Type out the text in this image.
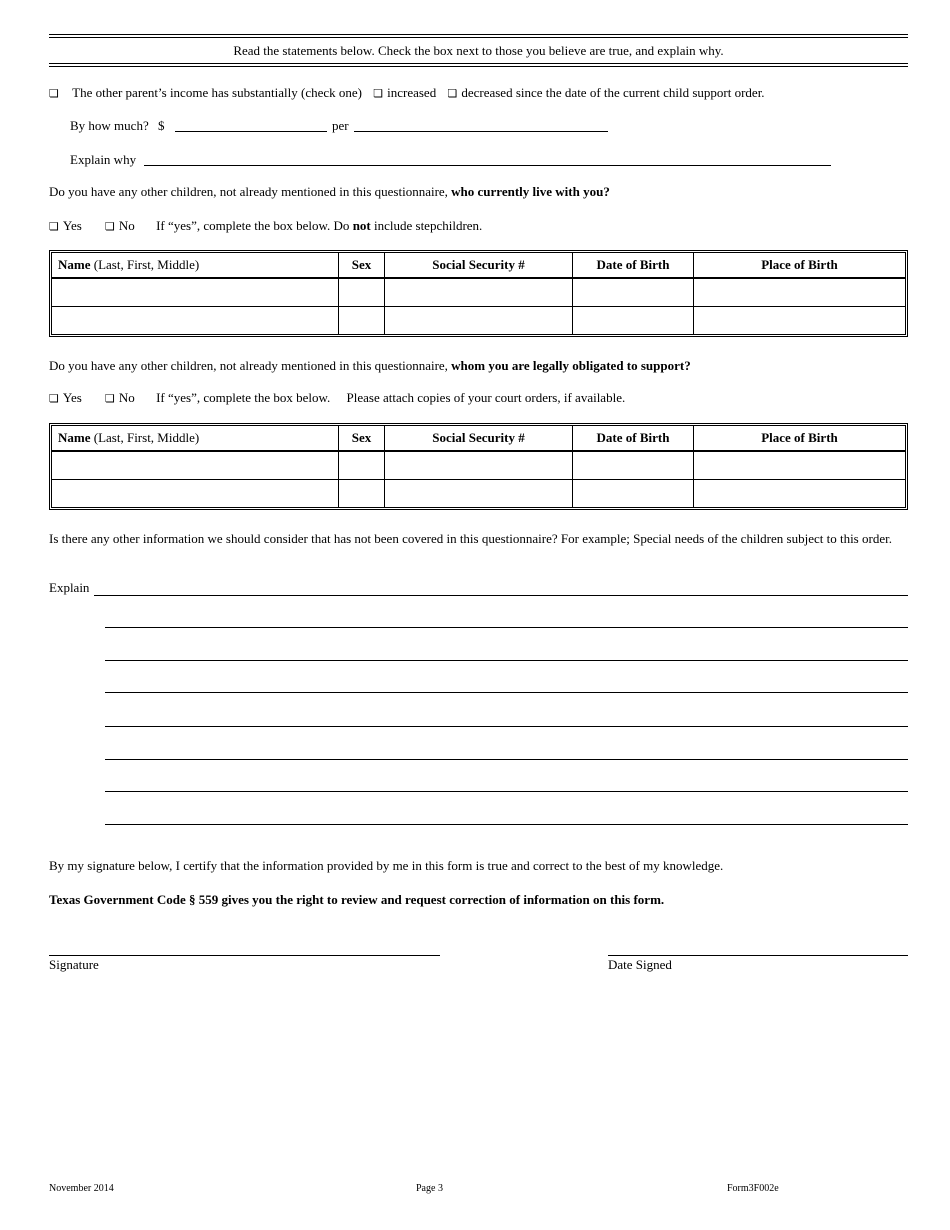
Read the statements below. Check the box next to those you believe are true, and explain why.
❏ The other parent’s income has substantially (check one) ❏ increased ❏ decreased since the date of the current child support order.
By how much? $	per
Explain why
Do you have any other children, not already mentioned in this questionnaire, who currently live with you?
❏ Yes ❏ No If “yes”, complete the box below. Do not include stepchildren.
Name (Last, First, Middle)	Sex	Social Security #	Date of Birth	Place of Birth

Do you have any other children, not already mentioned in this questionnaire, whom you are legally obligated to support?
❏ Yes ❏ No If “yes”, complete the box below.     Please attach copies of your court orders, if available.
Name (Last, First, Middle)	Sex	Social Security #	Date of Birth	Place of Birth

Is there any other information we should consider that has not been covered in this questionnaire? For example; Special needs of the children subject to this order.
Explain
By my signature below, I certify that the information provided by me in this form is true and correct to the best of my knowledge.
Texas Government Code § 559 gives you the right to review and request correction of information on this form.
Signature	Date Signed
November 2014	Page 3	Form3F002e
